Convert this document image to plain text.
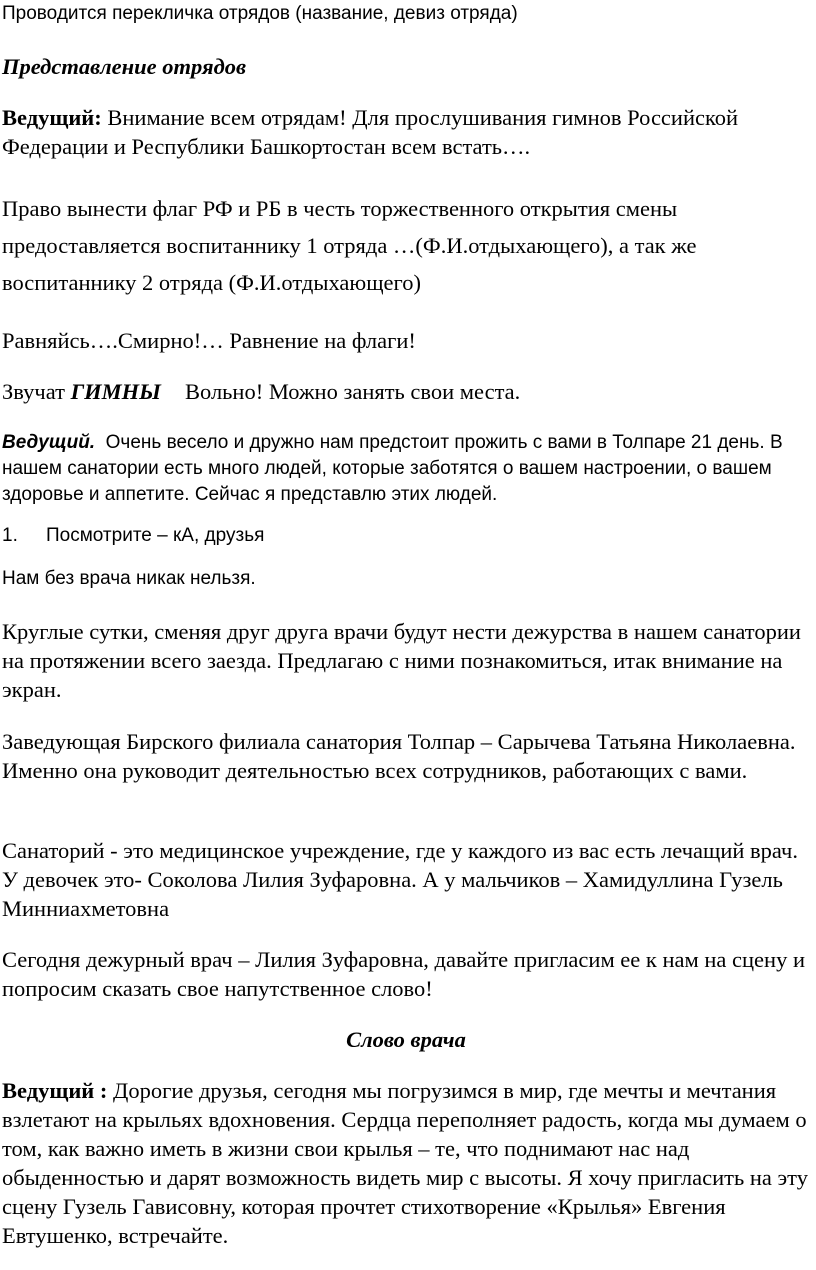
Проводится перекличка отрядов (название, девиз отряда)

Представление отрядов

Ведущий: Внимание всем отрядам! Для прослушивания гимнов Российской Федерации и Республики Башкортостан всем встать….

Право вынести флаг РФ и РБ в честь торжественного открытия смены предоставляется воспитаннику 1 отряда …(Ф.И.отдыхающего), а так же воспитаннику 2 отряда (Ф.И.отдыхающего)

Равняйсь….Смирно!… Равнение на флаги!

Звучат ГИМНЫ Вольно! Можно занять свои места.

Ведущий. Очень весело и дружно нам предстоит прожить с вами в Толпаре 21 день. В нашем санатории есть много людей, которые заботятся о вашем настроении, о вашем здоровье и аппетите. Сейчас я представлю этих людей.

1. Посмотрите – кА, друзья

Нам без врача никак нельзя.

Круглые сутки, сменяя друг друга врачи будут нести дежурства в нашем санатории на протяжении всего заезда. Предлагаю с ними познакомиться, итак внимание на экран.

Заведующая Бирского филиала санатория Толпар – Сарычева Татьяна Николаевна. Именно она руководит деятельностью всех сотрудников, работающих с вами.

Санаторий - это медицинское учреждение, где у каждого из вас есть лечащий врач. У девочек это- Соколова Лилия Зуфаровна. А у мальчиков – Хамидуллина Гузель Минниахметовна

Сегодня дежурный врач – Лилия Зуфаровна, давайте пригласим ее к нам на сцену и попросим сказать свое напутственное слово!

Слово врача

Ведущий : Дорогие друзья, сегодня мы погрузимся в мир, где мечты и мечтания взлетают на крыльях вдохновения. Сердца переполняет радость, когда мы думаем о том, как важно иметь в жизни свои крылья – те, что поднимают нас над обыденностью и дарят возможность видеть мир с высоты. Я хочу пригласить на эту сцену Гузель Гависовну, которая прочтет стихотворение «Крылья» Евгения Евтушенко, встречайте.
